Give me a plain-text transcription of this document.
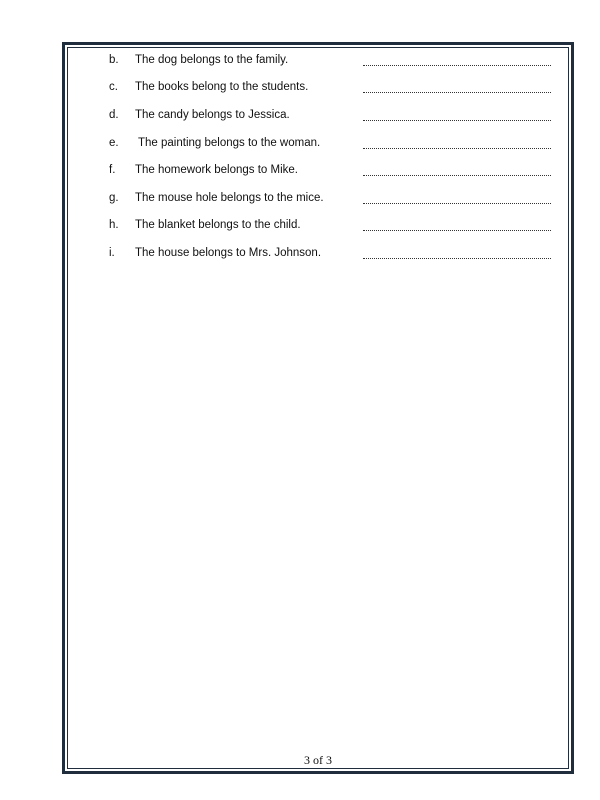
b. The dog belongs to the family.
c. The books belong to the students.
d. The candy belongs to Jessica.
e. The painting belongs to the woman.
f. The homework belongs to Mike.
g. The mouse hole belongs to the mice.
h. The blanket belongs to the child.
i. The house belongs to Mrs. Johnson.
3 of 3
